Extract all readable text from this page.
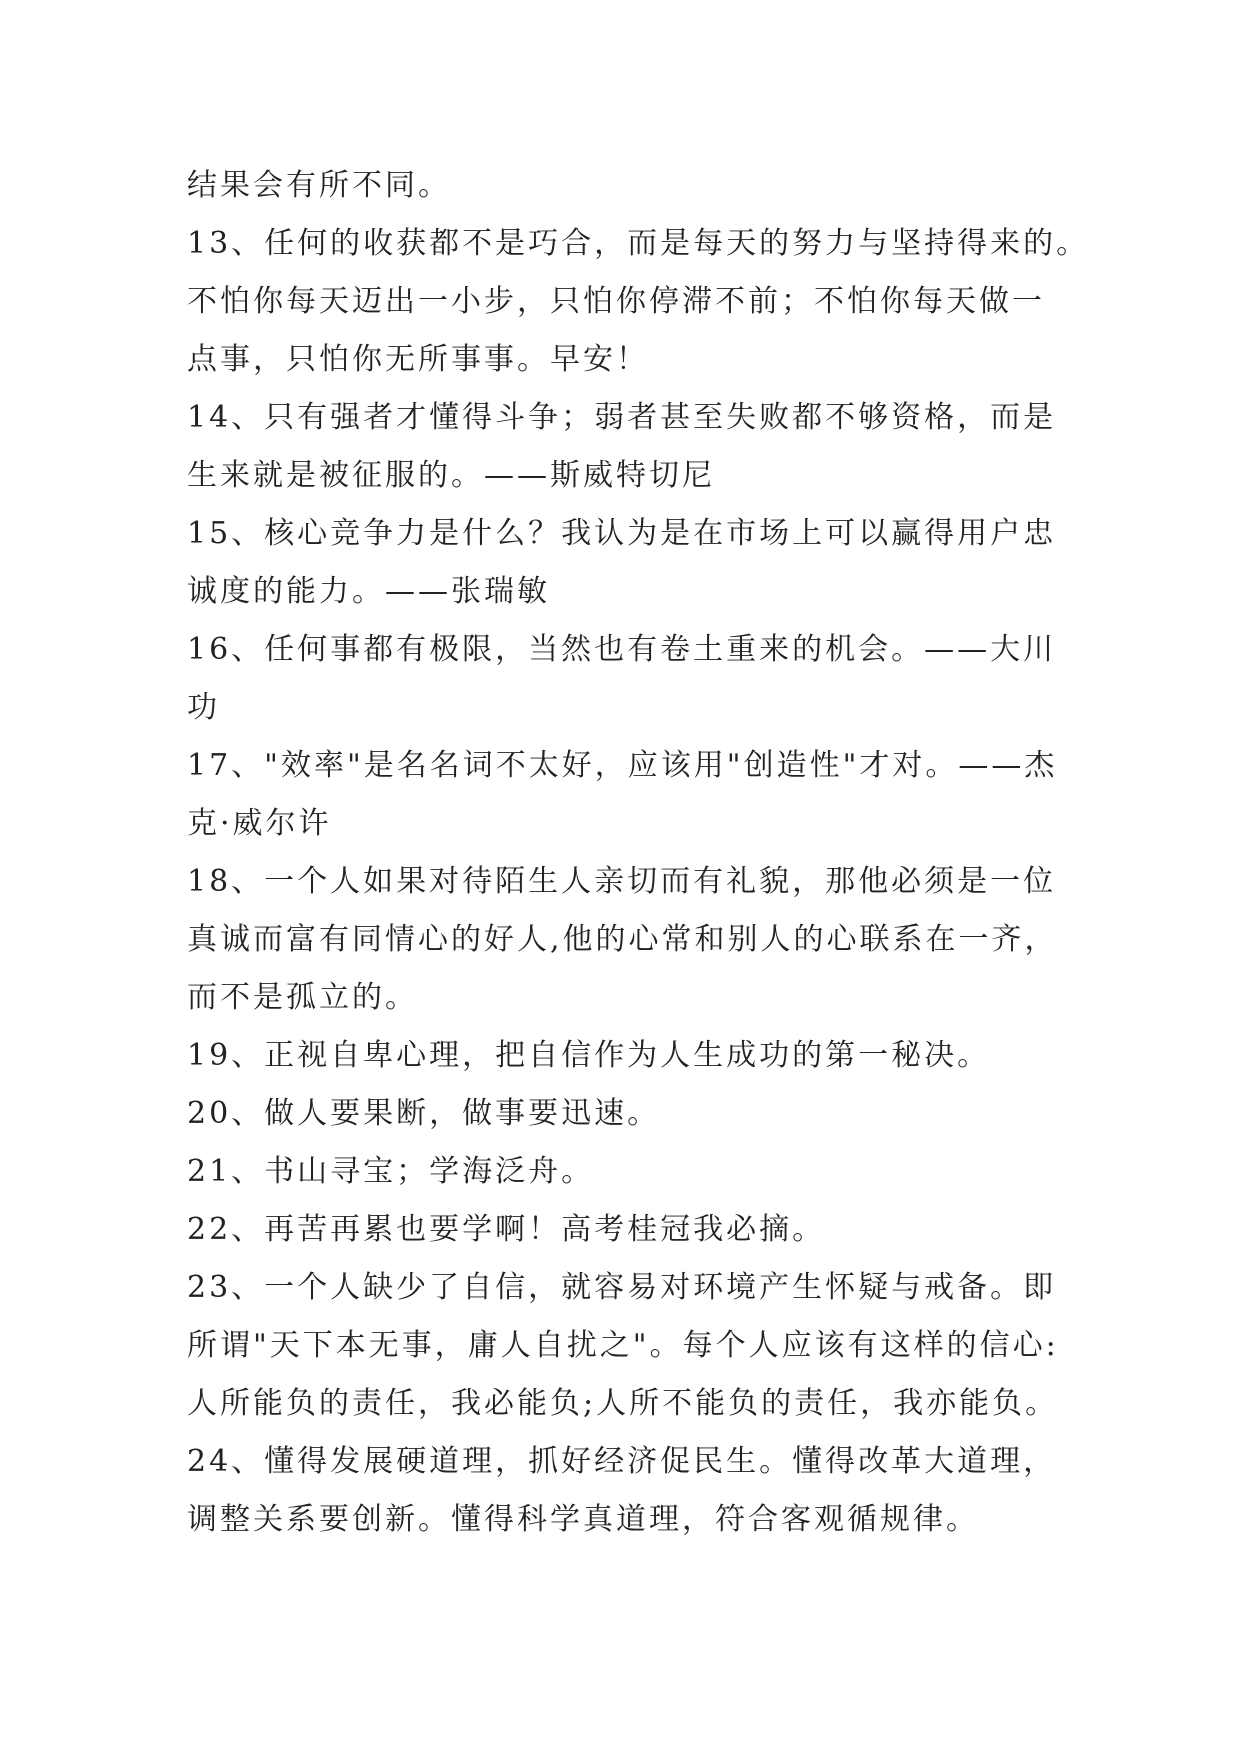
结果会有所不同。
13、任何的收获都不是巧合，而是每天的努力与坚持得来的。
不怕你每天迈出一小步，只怕你停滞不前；不怕你每天做一
点事，只怕你无所事事。早安！
14、只有强者才懂得斗争；弱者甚至失败都不够资格，而是
生来就是被征服的。——斯威特切尼
15、核心竞争力是什么？我认为是在市场上可以赢得用户忠
诚度的能力。——张瑞敏
16、任何事都有极限，当然也有卷土重来的机会。——大川
功
17、"效率"是名名词不太好，应该用"创造性"才对。——杰
克·威尔许
18、一个人如果对待陌生人亲切而有礼貌，那他必须是一位
真诚而富有同情心的好人,他的心常和别人的心联系在一齐，
而不是孤立的。
19、正视自卑心理，把自信作为人生成功的第一秘决。
20、做人要果断，做事要迅速。
21、书山寻宝；学海泛舟。
22、再苦再累也要学啊！高考桂冠我必摘。
23、一个人缺少了自信，就容易对环境产生怀疑与戒备。即
所谓"天下本无事，庸人自扰之"。每个人应该有这样的信心:
人所能负的责任，我必能负;人所不能负的责任，我亦能负。
24、懂得发展硬道理，抓好经济促民生。懂得改革大道理，
调整关系要创新。懂得科学真道理，符合客观循规律。
